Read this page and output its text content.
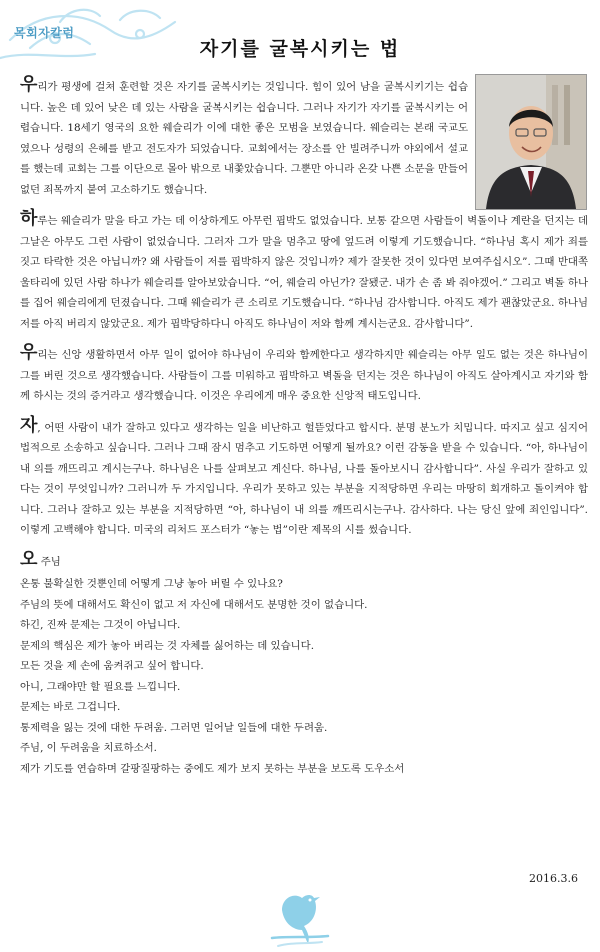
목회자칼럼
자기를 굴복시키는 법

우리가 평생에 걸쳐 훈련할 것은 자기를 굴복시키는 것입니다. 힘이 있어 남을 굴복시키기는 쉽습니다. 높은 데 있어 낮은 데 있는 사람을 굴복시키는 쉽습니다. 그러나 자기가 자기를 굴복시키는 어렵습니다. 18세기 영국의 요한 웨슬리가 이에 대한 좋은 모범을 보였습니다. 웨슬리는 본래 국교도였으나 성령의 은혜를 받고 전도자가 되었습니다. 교회에서는 장소를 안 빌려주니까 야외에서 설교를 했는데 교회는 그를 이단으로 몰아 밖으로 내쫓았습니다. 그뿐만 아니라 온갖 나쁜 소문을 만들어 없던 죄목까지 붙여 고소하기도 했습니다.

하루는 웨슬리가 말을 타고 가는 데 이상하게도 아무런 핍박도 없었습니다. 보통 같으면 사람들이 벽돌이나 계란을 던지는 데 그날은 아무도 그런 사람이 없었습니다. 그러자 그가 말을 멈추고 땅에 엎드려 이렇게 기도했습니다. “하나님 혹시 제가 죄를 짓고 타락한 것은 아닙니까? 왜 사람들이 저를 핍박하지 않은 것입니까? 제가 잘못한 것이 있다면 보여주십시오”. 그때 반대쪽 울타리에 있던 사람 하나가 웨슬리를 알아보았습니다. “어, 웨슬리 아닌가? 잘됐군. 내가 손 좀 봐 줘야겠어.” 그리고 벽돌 하나를 집어 웨슬리에게 던졌습니다. 그때 웨슬리가 큰 소리로 기도했습니다. “하나님 감사합니다. 아직도 제가 괜찮았군요. 하나님 저를 아직 버리지 않았군요. 제가 핍박당하다니 아직도 하나님이 저와 함께 계시는군요. 감사합니다”.

우리는 신앙 생활하면서 아무 일이 없어야 하나님이 우리와 함께한다고 생각하지만 웨슬리는 아무 일도 없는 것은 하나님이 그를 버린 것으로 생각했습니다. 사람들이 그를 미워하고 핍박하고 벽돌을 던지는 것은 하나님이 아직도 살아계시고 자기와 함께 하시는 것의 증거라고 생각했습니다. 이것은 우리에게 매우 중요한 신앙적 태도입니다.

자, 어떤 사람이 내가 잘하고 있다고 생각하는 일을 비난하고 헐뜯었다고 합시다. 분명 분노가 치밉니다. 따지고 싶고 심지어 법적으로 소송하고 싶습니다. 그러나 그때 잠시 멈추고 기도하면 어떻게 될까요? 이런 감동을 받을 수 있습니다. “아, 하나님이 내 의를 깨뜨리고 계시는구나. 하나님은 나를 살펴보고 계신다. 하나님, 나를 돌아보시니 감사합니다”. 사실 우리가 잘하고 있다는 것이 무엇입니까? 그러니까 두 가지입니다. 우리가 못하고 있는 부분을 지적당하면 우리는 마땅히 회개하고 돌이켜야 합니다. 그러나 잘하고 있는 부분을 지적당하면 “아, 하나님이 내 의를 깨뜨리시는구나. 감사하다. 나는 당신 앞에 죄인입니다”. 이렇게 고백해야 합니다. 미국의 리처드 포스터가 “놓는 법”이란 제목의 시를 썼습니다.

오 주님
온통 불확실한 것뿐인데 어떻게 그냥 놓아 버릴 수 있나요?
주님의 뜻에 대해서도 확신이 없고 저 자신에 대해서도 분명한 것이 없습니다.
하긴, 진짜 문제는 그것이 아닙니다.
문제의 핵심은 제가 놓아 버리는 것 자체를 싫어하는 데 있습니다.
모든 것을 제 손에 움켜쥐고 싶어 합니다.
아니, 그래야만 할 필요를 느낍니다.
문제는 바로 그겁니다.
통제력을 잃는 것에 대한 두려움. 그러면 일어날 일들에 대한 두려움.
주님, 이 두려움을 치료하소서.
제가 기도를 연습하며 갈팡질팡하는 중에도 제가 보지 못하는 부분을 보도록 도우소서
2016.3.6
